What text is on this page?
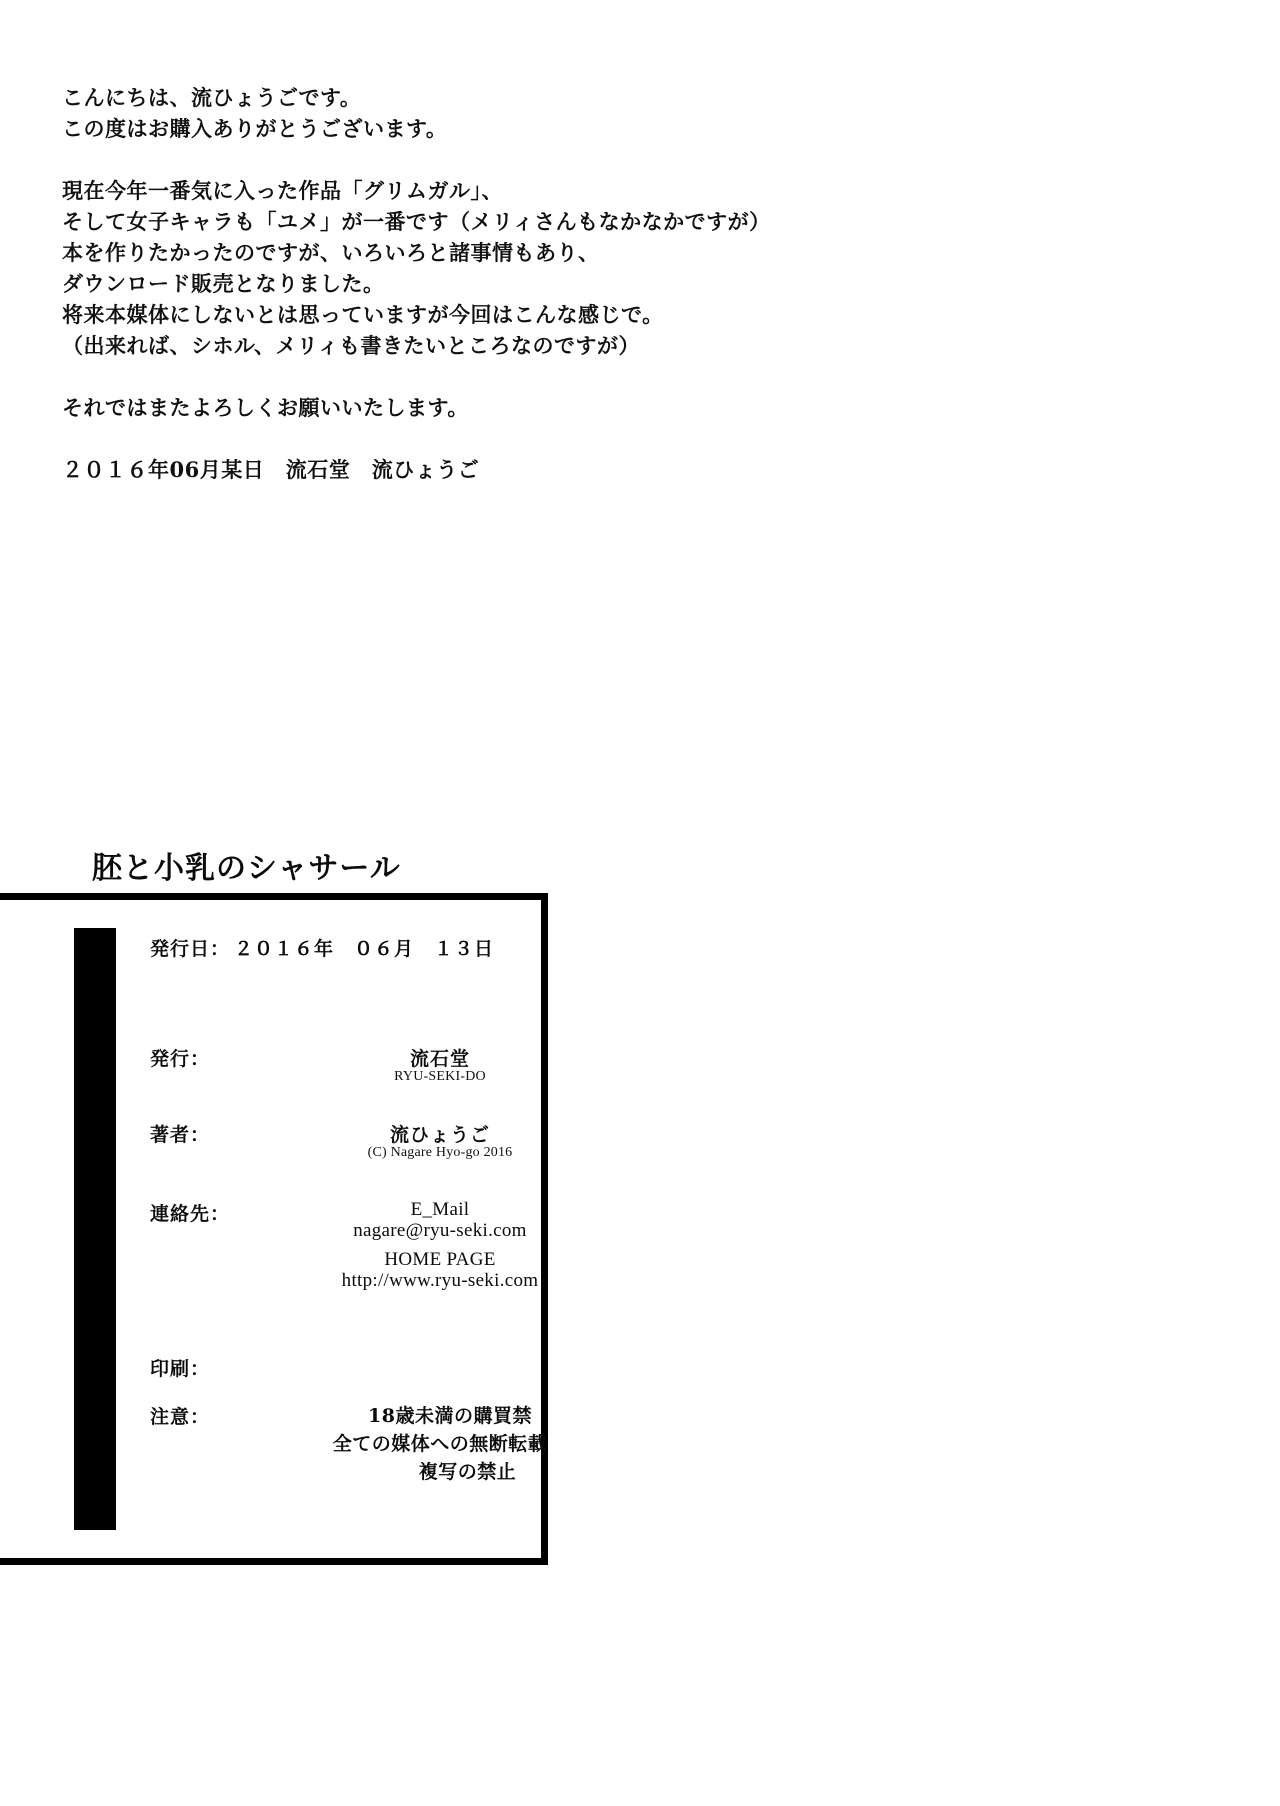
こんにちは、流ひょうごです。

この度はお購入ありがとうございます。

現在今年一番気に入った作品「グリムガル」、

そして女子キャラも「ユメ」が一番です（メリィさんもなかなかですが）

本を作りたかったのですが、いろいろと諸事情もあり、

ダウンロード販売となりました。

将来本媒体にしないとは思っていますが今回はこんな感じで。

（出来れば、シホル、メリィも書きたいところなのですが）

それではまたよろしくお願いいたします。

２０１６年06月某日　流石堂　流ひょうご

胚と小乳のシャサール
発行日： ２０１６年　０６月　１３日
発行：	流石堂
RYU-SEKI-DO
著者：	流ひょうご
(C) Nagare Hyo-go 2016
連絡先：	E_Mail
nagare@ryu-seki.com
HOME PAGE
http://www.ryu-seki.com
印刷：
注意：	18歳未満の購買禁
全ての媒体への無断転載
複写の禁止
